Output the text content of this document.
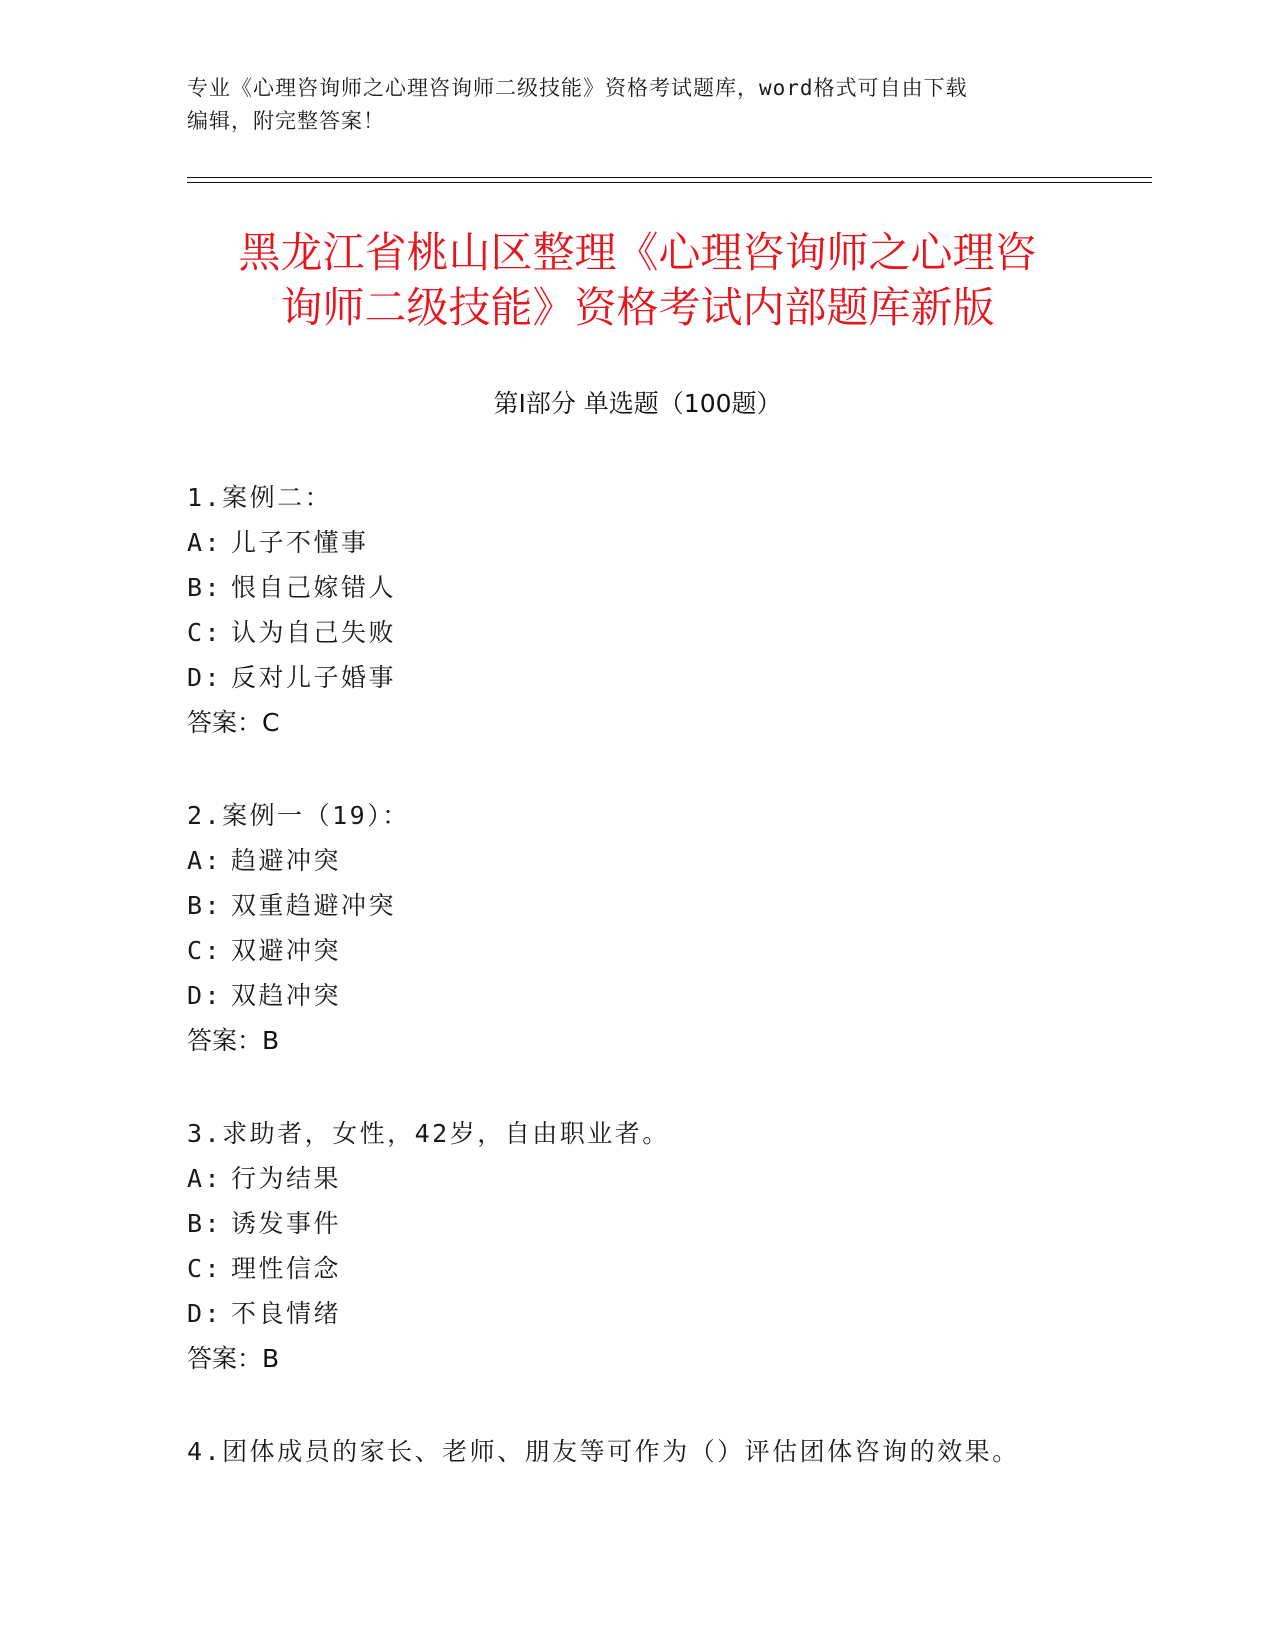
专业《心理咨询师之心理咨询师二级技能》资格考试题库，word格式可自由下载
编辑，附完整答案！
黑龙江省桃山区整理《心理咨询师之心理咨
询师二级技能》资格考试内部题库新版
第Ⅰ部分 单选题（100题）
1.案例二：
A: 儿子不懂事
B: 恨自己嫁错人
C: 认为自己失败
D: 反对儿子婚事
答案：C
2.案例一（19）：
A: 趋避冲突
B: 双重趋避冲突
C: 双避冲突
D: 双趋冲突
答案：B
3.求助者，女性，42岁，自由职业者。
A: 行为结果
B: 诱发事件
C: 理性信念
D: 不良情绪
答案：B
4.团体成员的家长、老师、朋友等可作为（）评估团体咨询的效果。
